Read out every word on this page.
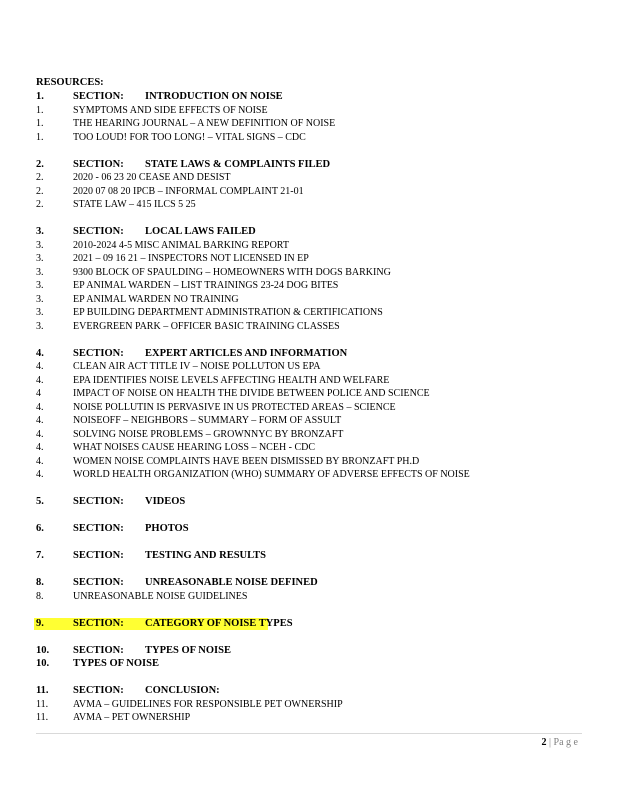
RESOURCES:
1.	SECTION: INTRODUCTION ON NOISE
1.	SYMPTOMS AND SIDE EFFECTS OF NOISE
1.	THE HEARING JOURNAL – A NEW DEFINITION OF NOISE
1.	TOO LOUD! FOR TOO LONG! – VITAL SIGNS – CDC
2.	SECTION: STATE LAWS & COMPLAINTS FILED
2.	2020 - 06 23 20 CEASE AND DESIST
2.	2020 07 08 20 IPCB – INFORMAL COMPLAINT 21-01
2.	STATE LAW – 415 ILCS 5 25
3.	SECTION: LOCAL LAWS FAILED
3.	2010-2024 4-5 MISC ANIMAL BARKING REPORT
3.	2021 – 09 16 21 – INSPECTORS NOT LICENSED IN EP
3.	9300 BLOCK OF SPAULDING – HOMEOWNERS WITH DOGS BARKING
3.	EP ANIMAL WARDEN – LIST TRAININGS 23-24 DOG BITES
3.	EP ANIMAL WARDEN NO TRAINING
3.	EP BUILDING DEPARTMENT ADMINISTRATION & CERTIFICATIONS
3.	EVERGREEN PARK – OFFICER BASIC TRAINING CLASSES
4.	SECTION: EXPERT ARTICLES AND INFORMATION
4.	CLEAN AIR ACT TITLE IV – NOISE POLLUTON US EPA
4.	EPA IDENTIFIES NOISE LEVELS AFFECTING HEALTH AND WELFARE
4	IMPACT OF NOISE ON HEALTH THE DIVIDE BETWEEN POLICE AND SCIENCE
4.	NOISE POLLUTIN IS PERVASIVE IN US PROTECTED AREAS – SCIENCE
4.	NOISEOFF – NEIGHBORS – SUMMARY – FORM OF ASSULT
4.	SOLVING NOISE PROBLEMS – GROWNNYC BY BRONZAFT
4.	WHAT NOISES CAUSE HEARING LOSS – NCEH - CDC
4.	WOMEN NOISE COMPLAINTS HAVE BEEN DISMISSED BY BRONZAFT PH.D
4.	WORLD HEALTH ORGANIZATION (WHO) SUMMARY OF ADVERSE EFFECTS OF NOISE
5.	SECTION: VIDEOS
6.	SECTION: PHOTOS
7.	SECTION: TESTING AND RESULTS
8.	SECTION: UNREASONABLE NOISE DEFINED
8.	UNREASONABLE NOISE GUIDELINES
9.	SECTION: CATEGORY OF NOISE TYPES
10. SECTION: TYPES OF NOISE
10. TYPES OF NOISE
11. SECTION: CONCLUSION:
11. AVMA – GUIDELINES FOR RESPONSIBLE PET OWNERSHIP
11. AVMA – PET OWNERSHIP
2 | Pa g e
